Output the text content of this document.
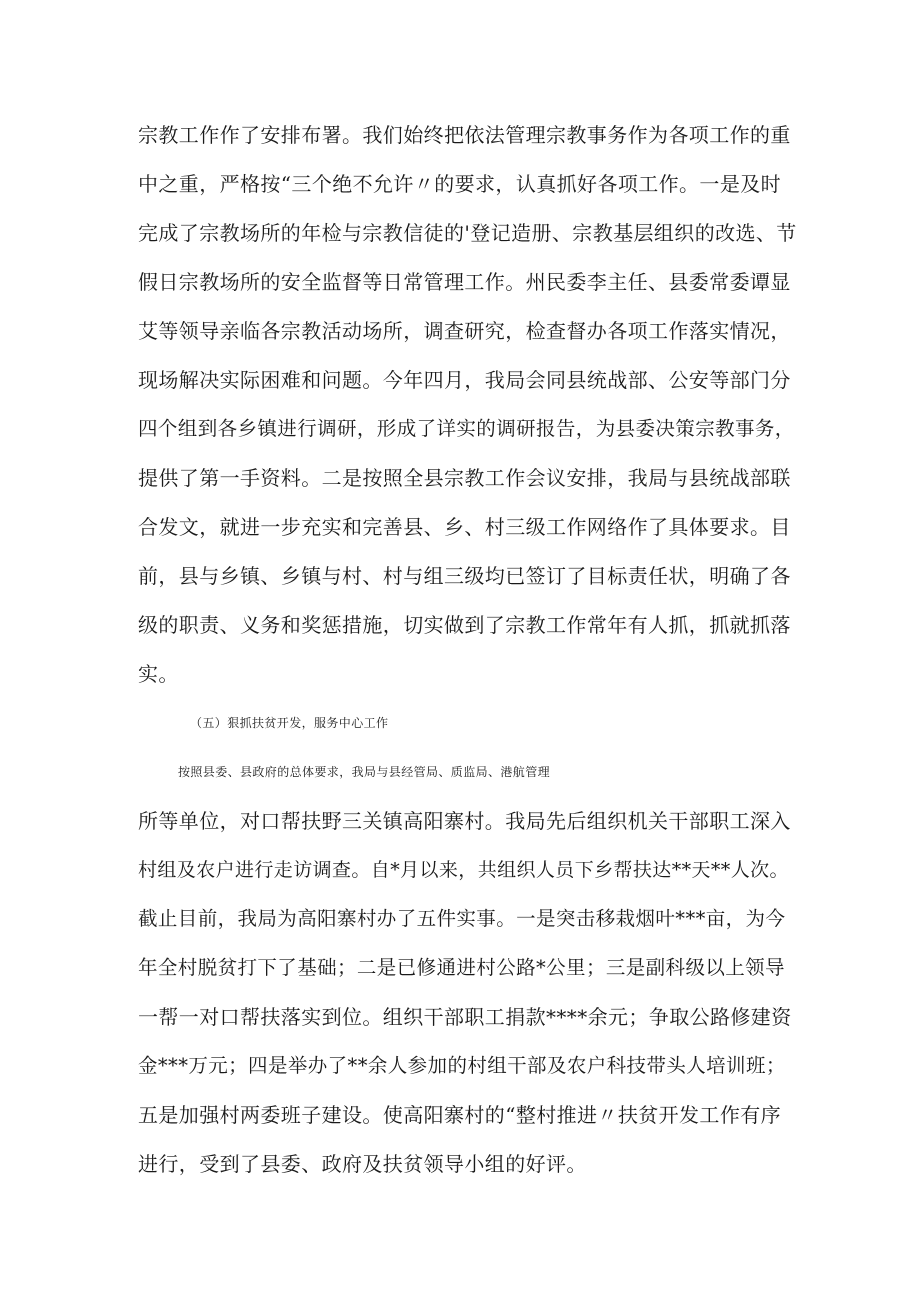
宗教工作作了安排布署。我们始终把依法管理宗教事务作为各项工作的重
中之重，严格按“三个绝不允许〃的要求，认真抓好各项工作。一是及时
完成了宗教场所的年检与宗教信徒的'登记造册、宗教基层组织的改选、节
假日宗教场所的安全监督等日常管理工作。州民委李主任、县委常委谭显
艾等领导亲临各宗教活动场所，调查研究，检查督办各项工作落实情况，
现场解决实际困难和问题。今年四月，我局会同县统战部、公安等部门分
四个组到各乡镇进行调研，形成了详实的调研报告，为县委决策宗教事务，
提供了第一手资料。二是按照全县宗教工作会议安排，我局与县统战部联
合发文，就进一步充实和完善县、乡、村三级工作网络作了具体要求。目
前，县与乡镇、乡镇与村、村与组三级均已签订了目标责任状，明确了各
级的职责、义务和奖惩措施，切实做到了宗教工作常年有人抓，抓就抓落
实。
（五）狠抓扶贫开发，服务中心工作
按照县委、县政府的总体要求，我局与县经管局、质监局、港航管理
所等单位，对口帮扶野三关镇高阳寨村。我局先后组织机关干部职工深入
村组及农户进行走访调查。自*月以来，共组织人员下乡帮扶达**天**人次。
截止目前，我局为高阳寨村办了五件实事。一是突击移栽烟叶***亩，为今
年全村脱贫打下了基础；二是已修通进村公路*公里；三是副科级以上领导
一帮一对口帮扶落实到位。组织干部职工捐款****余元；争取公路修建资
金***万元；四是举办了**余人参加的村组干部及农户科技带头人培训班；
五是加强村两委班子建设。使高阳寨村的“整村推进〃扶贫开发工作有序
进行，受到了县委、政府及扶贫领导小组的好评。
